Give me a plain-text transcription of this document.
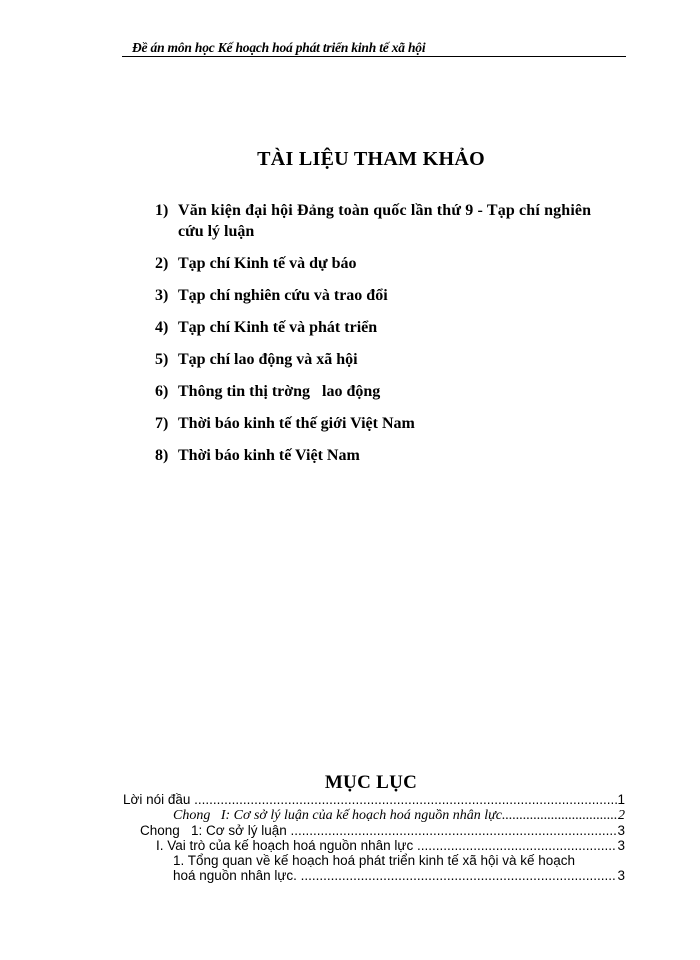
Đề án môn học Kế hoạch hoá phát triển kinh tế xã hội
TÀI LIỆU THAM KHẢO
1) Văn kiện đại hội Đảng toàn quốc lần thứ 9 - Tạp chí nghiên
cứu lý luận
2) Tạp chí Kinh tế và dự báo
3) Tạp chí nghiên cứu và trao đổi
4) Tạp chí Kinh tế và phát triển
5) Tạp chí lao động và xã hội
6) Thông tin thị trờng   lao động
7) Thời báo kinh tế thế giới Việt Nam
8) Thời báo kinh tế Việt Nam
MỤC LỤC
Lời nói đầu .....	1
Chong   I: Cơ sở lý luận của kế hoạch hoá nguồn nhân lực .....	2
Chong   1: Cơ sở lý luận .....	3
I. Vai trò của kế hoạch hoá nguồn nhân lực .....	3
1. Tổng quan về kế hoạch hoá phát triển kinh tế xã hội và kế hoạch
hoá nguồn nhân lực. .....	3
